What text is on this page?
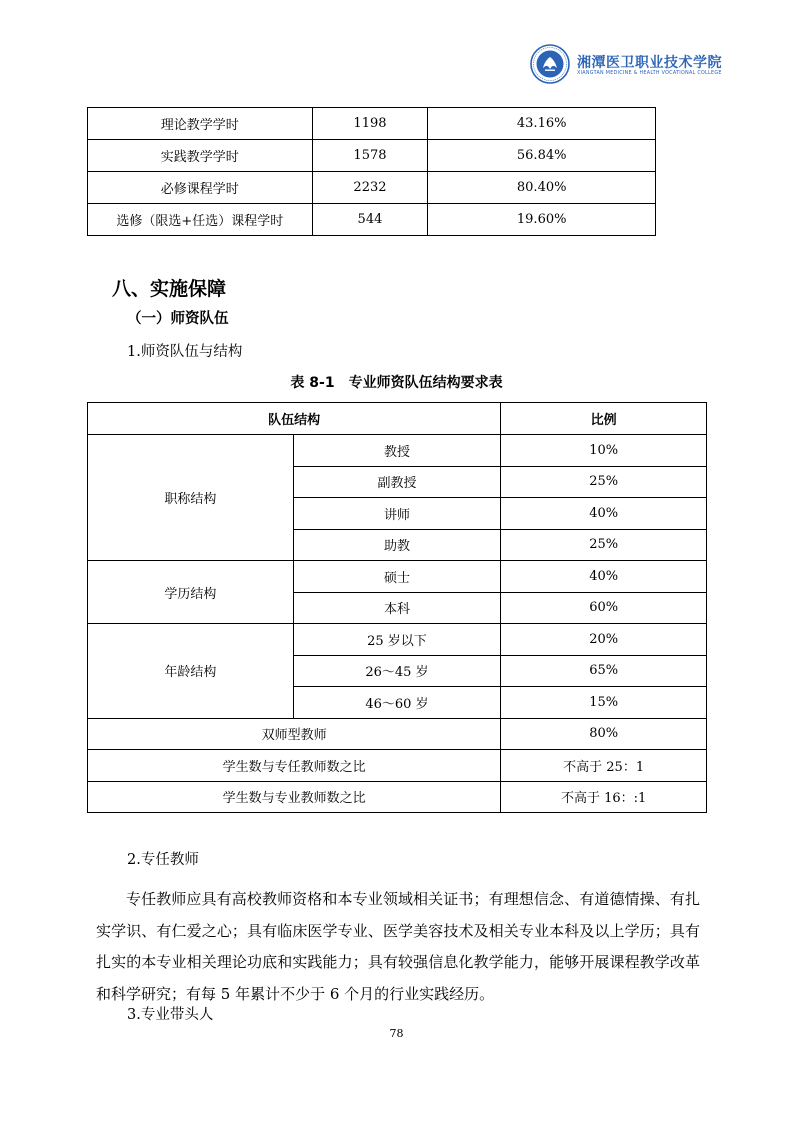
湘潭医卫职业技术学院
XIANGTAN MEDICINE & HEALTH VOCATIONAL COLLEGE
理论教学学时	1198	43.16%
实践教学学时	1578	56.84%
必修课程学时	2232	80.40%
选修（限选+任选）课程学时	544	19.60%
八、实施保障
（一）师资队伍
1.师资队伍与结构
表 8-1　专业师资队伍结构要求表
队伍结构		比例
职称结构	教授	10%
	副教授	25%
	讲师	40%
	助教	25%
学历结构	硕士	40%
	本科	60%
年龄结构	25 岁以下	20%
	26～45 岁	65%
	46～60 岁	15%
双师型教师		80%
学生数与专任教师数之比		不高于 25：1
学生数与专业教师数之比		不高于 16：:1
2.专任教师
专任教师应具有高校教师资格和本专业领域相关证书；有理想信念、有道德情操、有扎实学识、有仁爱之心；具有临床医学专业、医学美容技术及相关专业本科及以上学历；具有扎实的本专业相关理论功底和实践能力；具有较强信息化教学能力，能够开展课程教学改革和科学研究；有每 5 年累计不少于 6 个月的行业实践经历。
3.专业带头人
78
